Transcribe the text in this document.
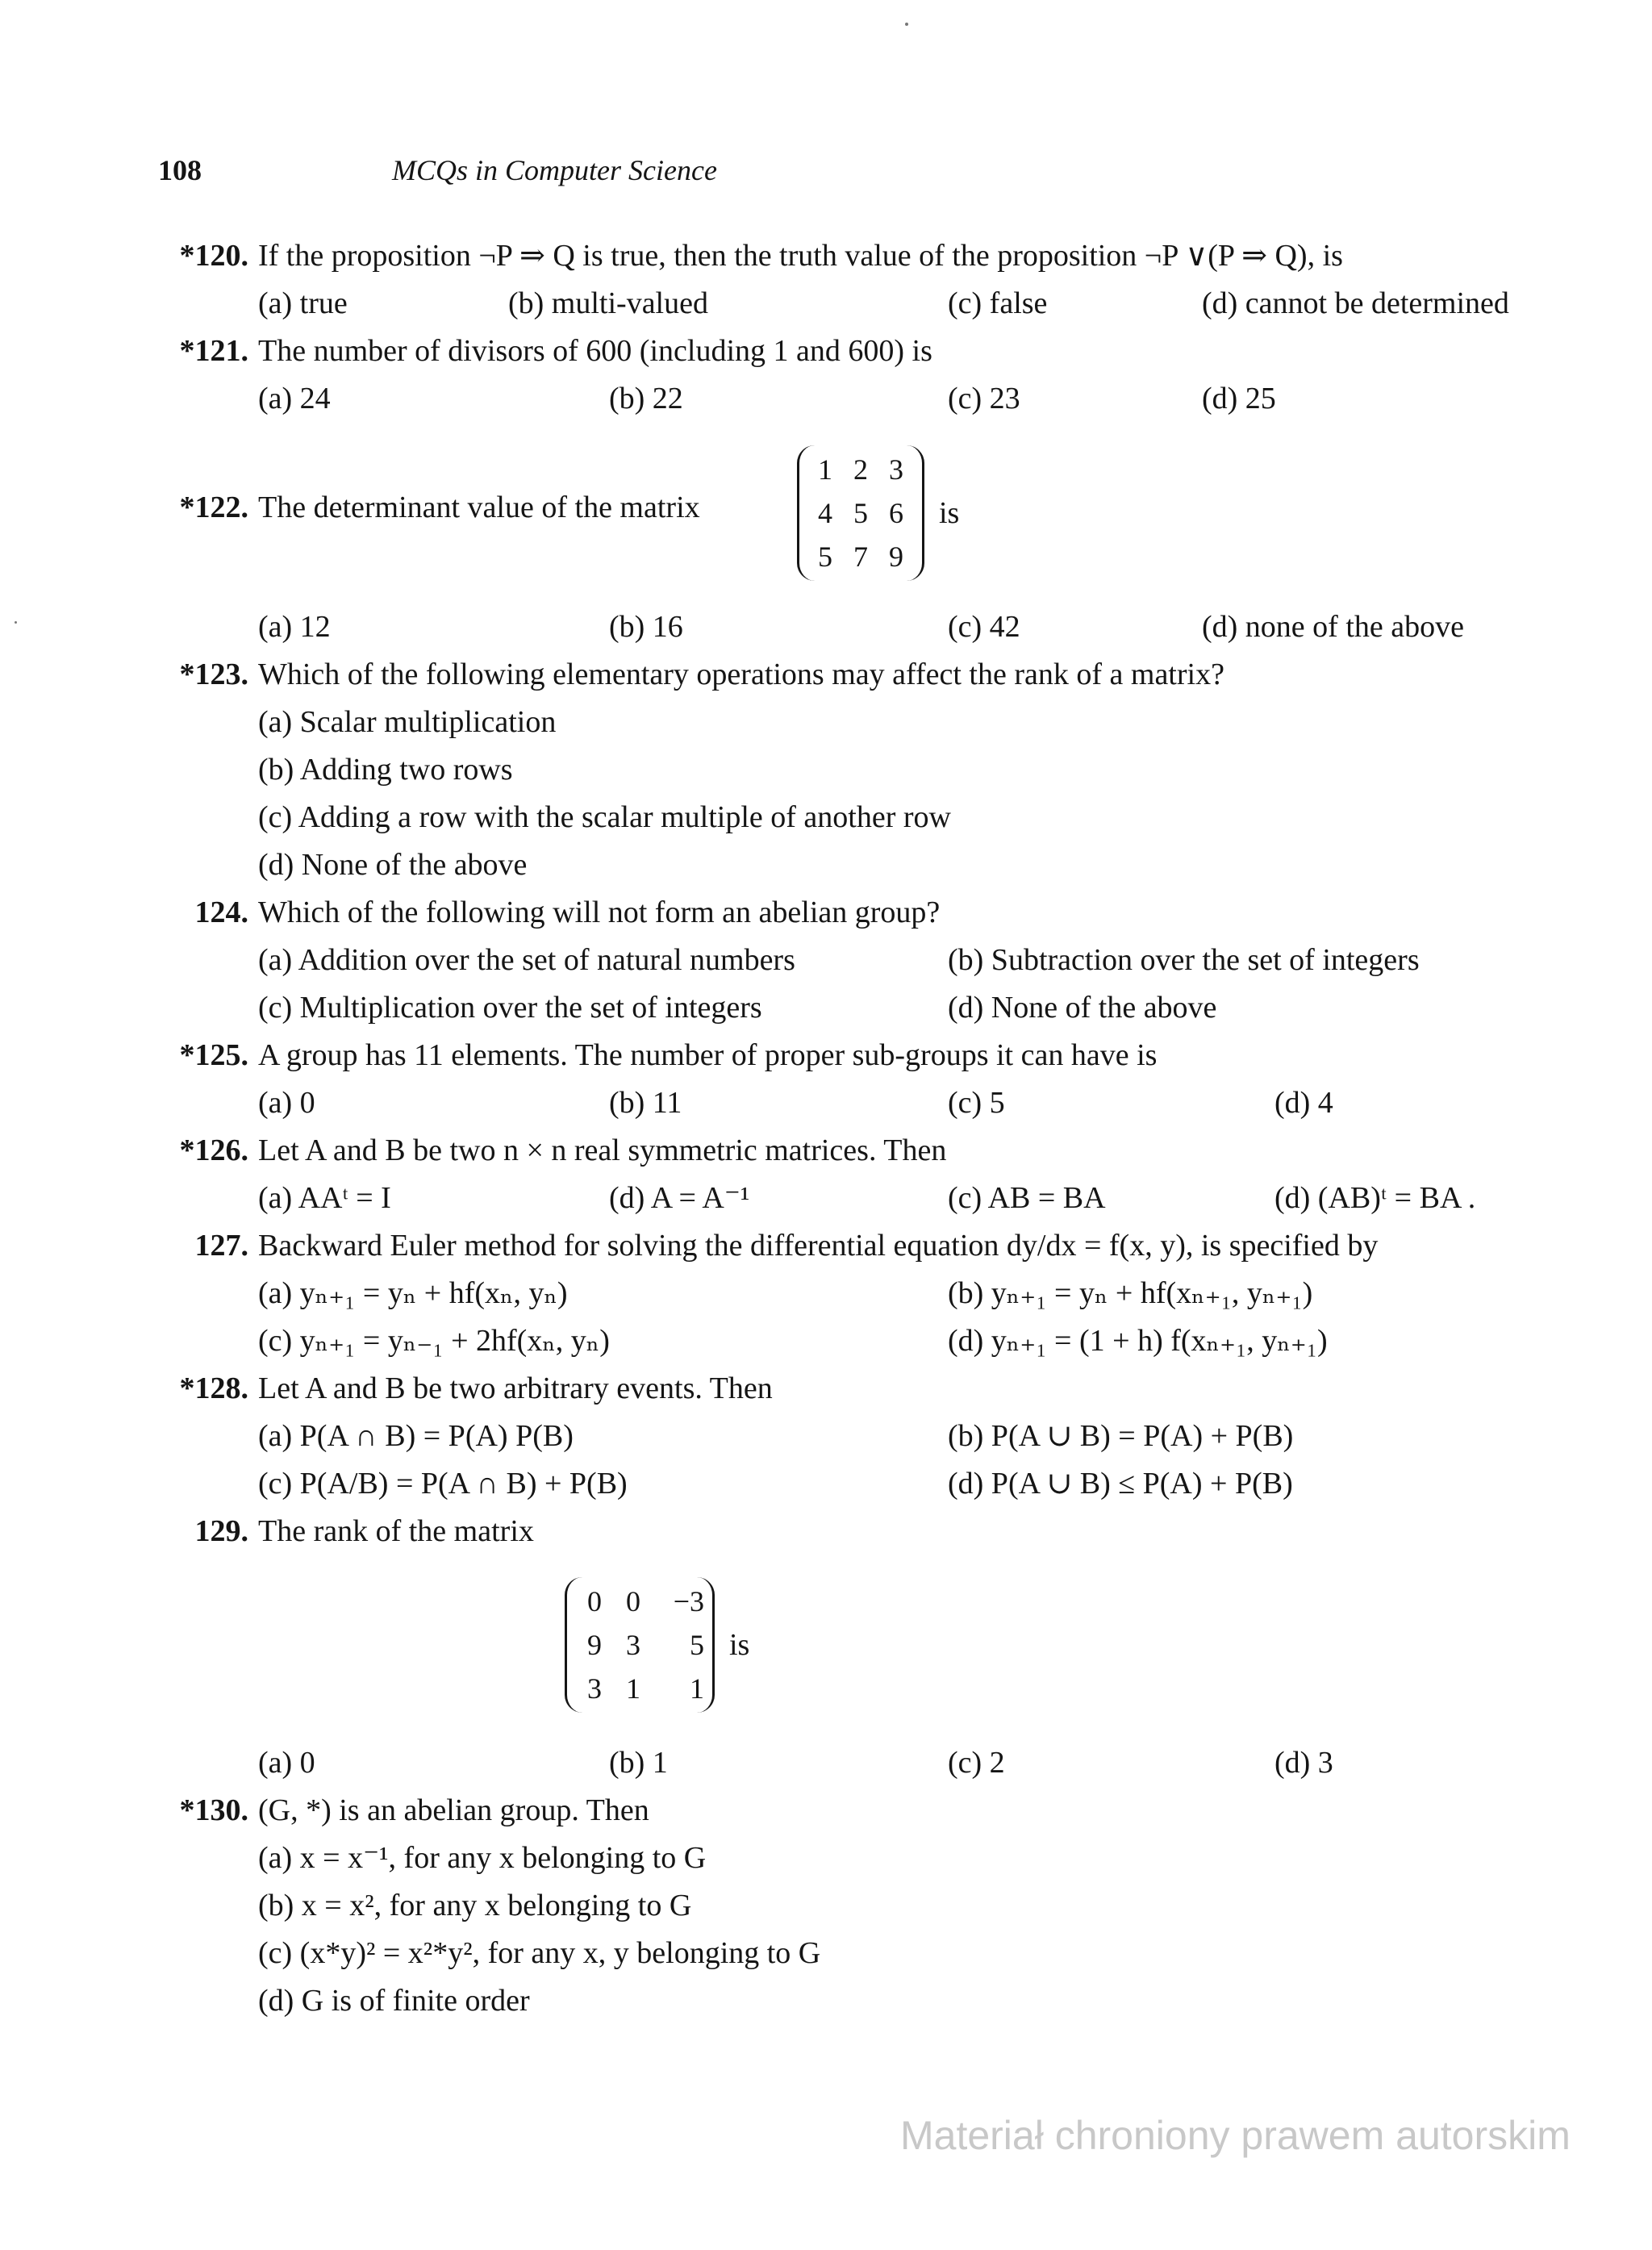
108	MCQs in Computer Science
*120. If the proposition ¬P ⇒ Q is true, then the truth value of the proposition ¬P ∨(P ⇒ Q), is
(a) true	(b) multi-valued	(c) false	(d) cannot be determined
*121. The number of divisors of 600 (including 1 and 600) is
(a) 24	(b) 22	(c) 23	(d) 25
*122. The determinant value of the matrix
1 2 3
4 5 6
5 7 9
is
(a) 12	(b) 16	(c) 42	(d) none of the above
*123. Which of the following elementary operations may affect the rank of a matrix?
(a) Scalar multiplication
(b) Adding two rows
(c) Adding a row with the scalar multiple of another row
(d) None of the above
124. Which of the following will not form an abelian group?
(a) Addition over the set of natural numbers	(b) Subtraction over the set of integers
(c) Multiplication over the set of integers	(d) None of the above
*125. A group has 11 elements. The number of proper sub-groups it can have is
(a) 0	(b) 11	(c) 5	(d) 4
*126. Let A and B be two n × n real symmetric matrices. Then
(a) AAᵗ = I	(d) A = A⁻¹	(c) AB = BA	(d) (AB)ᵗ = BA .
127. Backward Euler method for solving the differential equation dy/dx = f(x, y), is specified by
(a) yₙ₊₁ = yₙ + hf(xₙ, yₙ)	(b) yₙ₊₁ = yₙ + hf(xₙ₊₁, yₙ₊₁)
(c) yₙ₊₁ = yₙ₋₁ + 2hf(xₙ, yₙ)	(d) yₙ₊₁ = (1 + h) f(xₙ₊₁, yₙ₊₁)
*128. Let A and B be two arbitrary events. Then
(a) P(A ∩ B) = P(A) P(B)	(b) P(A ∪ B) = P(A) + P(B)
(c) P(A/B) = P(A ∩ B) + P(B)	(d) P(A ∪ B) ≤ P(A) + P(B)
129. The rank of the matrix
0 0	−3
9 3	5
3 1	1
is
(a) 0	(b) 1	(c) 2	(d) 3
*130. (G, *) is an abelian group. Then
(a) x = x⁻¹, for any x belonging to G
(b) x = x², for any x belonging to G
(c) (x*y)² = x²*y², for any x, y belonging to G
(d) G is of finite order
Materiał chroniony prawem autorskim
